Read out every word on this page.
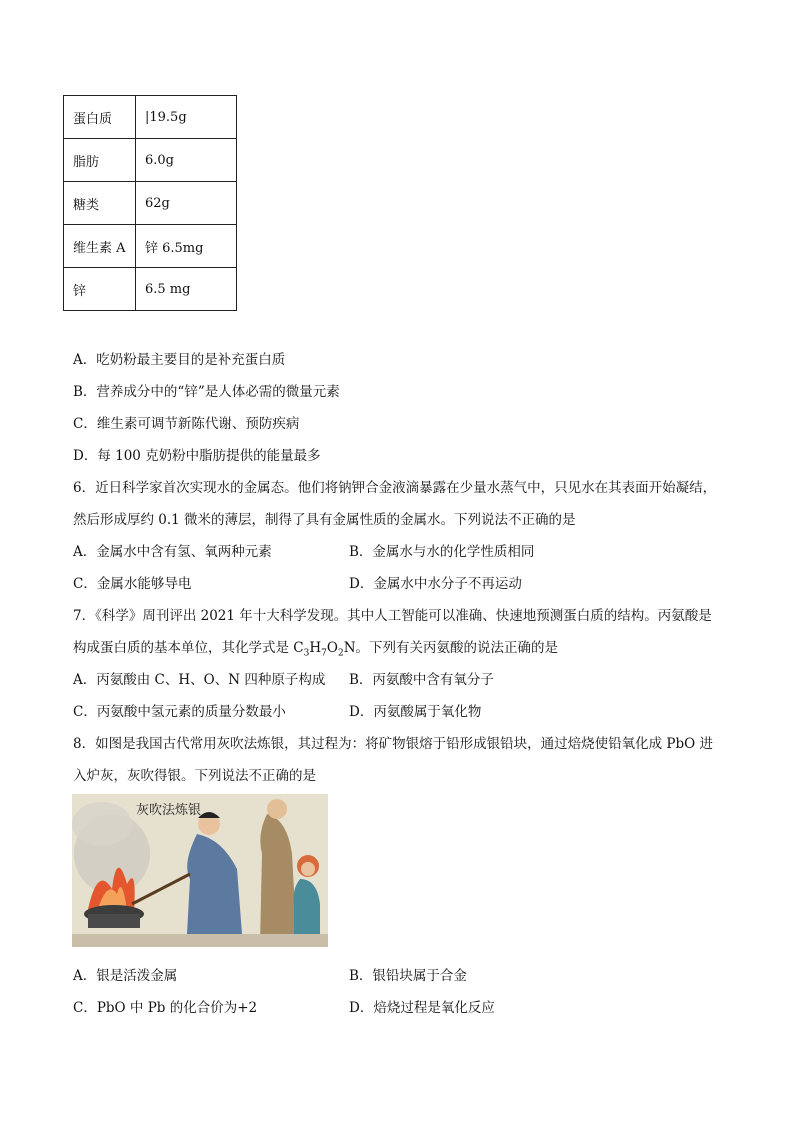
蛋白质	|19.5g
脂肪	6.0g
糖类	62g
维生素 A	锌 6.5mg
锌	6.5 mg
A．吃奶粉最主要目的是补充蛋白质
B．营养成分中的“锌”是人体必需的微量元素
C．维生素可调节新陈代谢、预防疾病
D．每 100 克奶粉中脂肪提供的能量最多
6．近日科学家首次实现水的金属态。他们将钠钾合金液滴暴露在少量水蒸气中，只见水在其表面开始凝结，
然后形成厚约 0.1 微米的薄层，制得了具有金属性质的金属水。下列说法不正确的是
A．金属水中含有氢、氧两种元素	B．金属水与水的化学性质相同
C．金属水能够导电	D．金属水中水分子不再运动
7．《科学》周刊评出 2021 年十大科学发现。其中人工智能可以准确、快速地预测蛋白质的结构。丙氨酸是
构成蛋白质的基本单位，其化学式是 $C_3H_7O_2N$。下列有关丙氨酸的说法正确的是
A．丙氨酸由 C、H、O、N 四种原子构成 B．丙氨酸中含有氧分子
C．丙氨酸中氢元素的质量分数最小	D．丙氨酸属于氧化物
8．如图是我国古代常用灰吹法炼银，其过程为：将矿物银熔于铅形成银铅块，通过焙烧使铅氧化成 PbO 进
入炉灰，灰吹得银。下列说法不正确的是
灰吹法炼银
A．银是活泼金属	B．银铅块属于合金
C．PbO 中 Pb 的化合价为+2	D．焙烧过程是氧化反应
